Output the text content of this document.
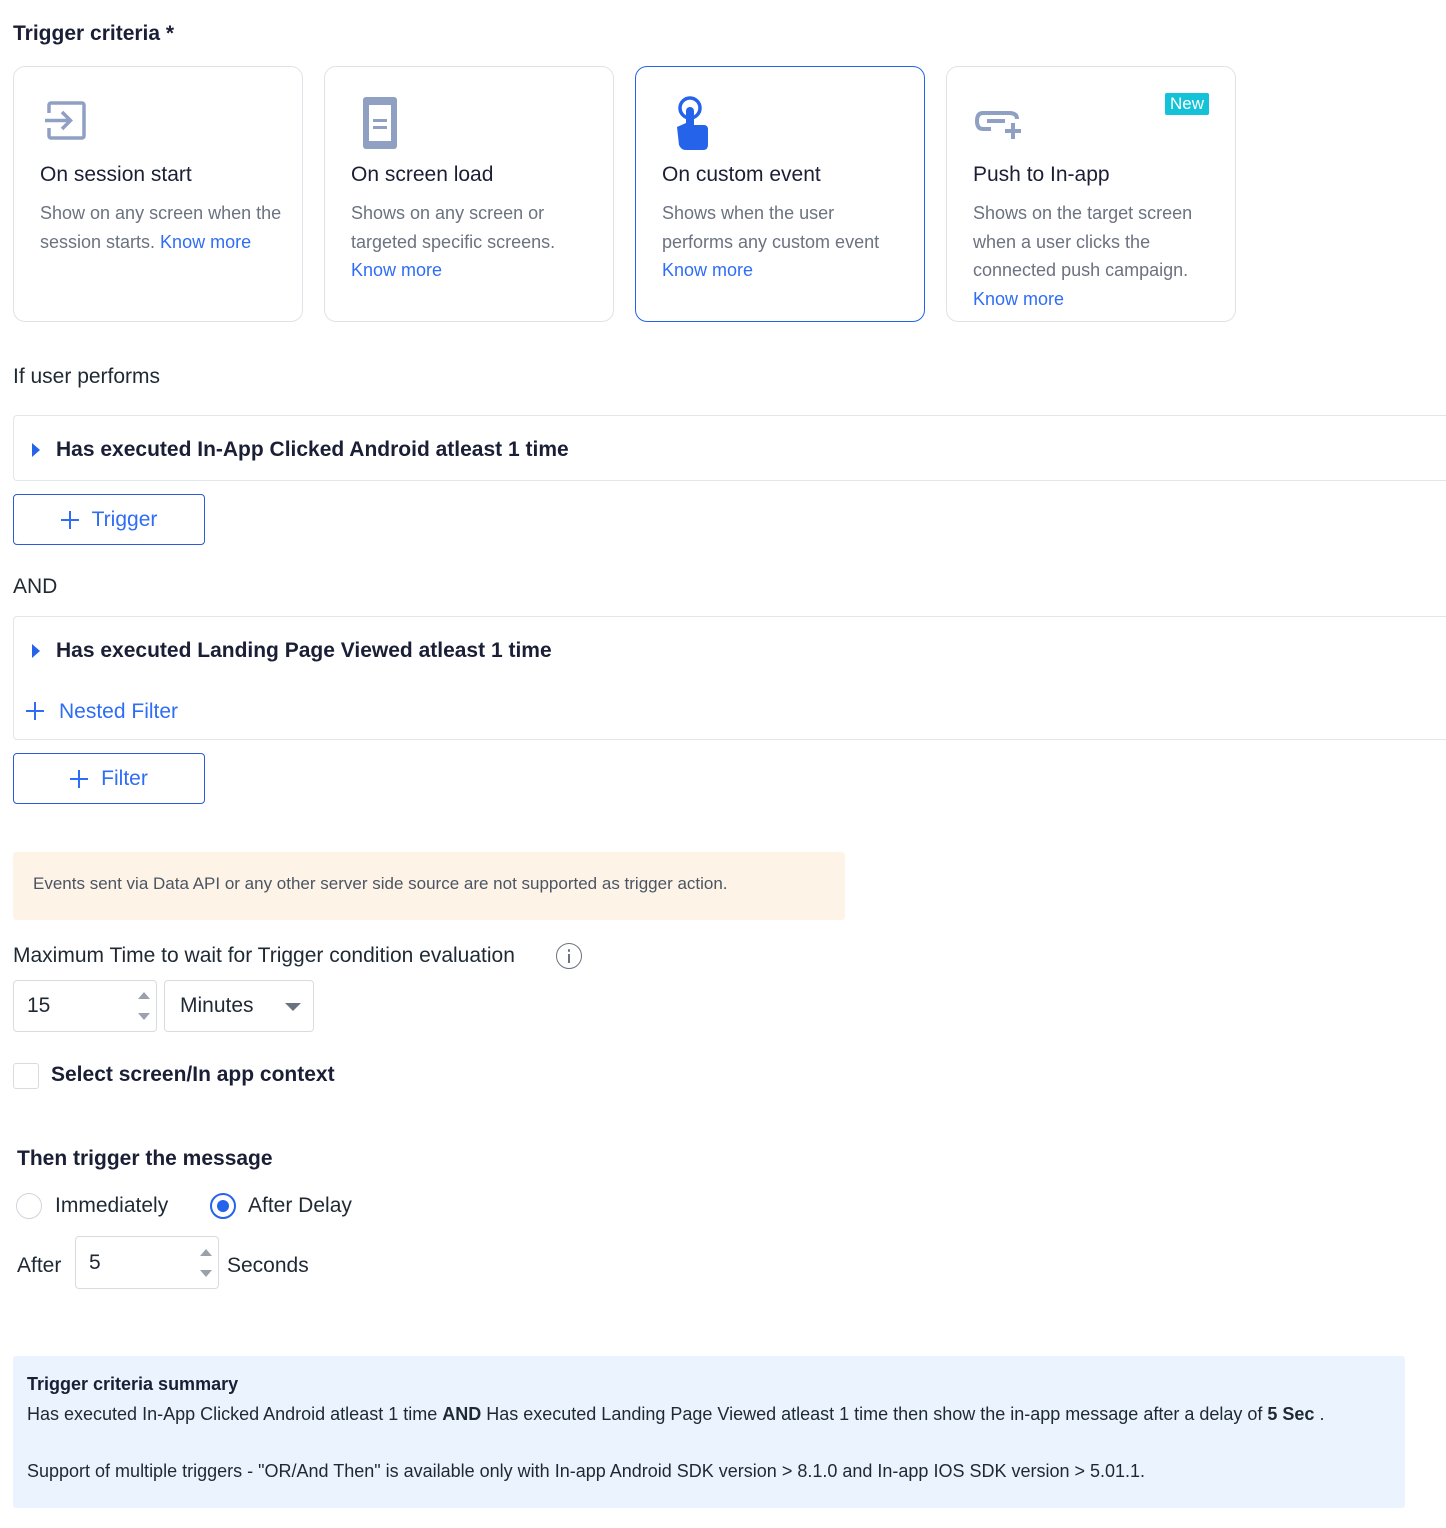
Trigger criteria *
On session start
Show on any screen when the session starts. Know more
On screen load
Shows on any screen or targeted specific screens. Know more
On custom event
Shows when the user performs any custom event Know more
New
Push to In-app
Shows on the target screen when a user clicks the connected push campaign. Know more
If user performs
Has executed In-App Clicked Android atleast 1 time
Trigger
AND
Has executed Landing Page Viewed atleast 1 time
Nested Filter
Filter
Events sent via Data API or any other server side source are not supported as trigger action.
Maximum Time to wait for Trigger condition evaluation
15	Minutes
Select screen/In app context
Then trigger the message
Immediately	After Delay
After 5	Seconds
Trigger criteria summary
Has executed In-App Clicked Android atleast 1 time AND Has executed Landing Page Viewed atleast 1 time then show the in-app message after a delay of 5 Sec .
Support of multiple triggers - "OR/And Then" is available only with In-app Android SDK version > 8.1.0 and In-app IOS SDK version > 5.01.1.
